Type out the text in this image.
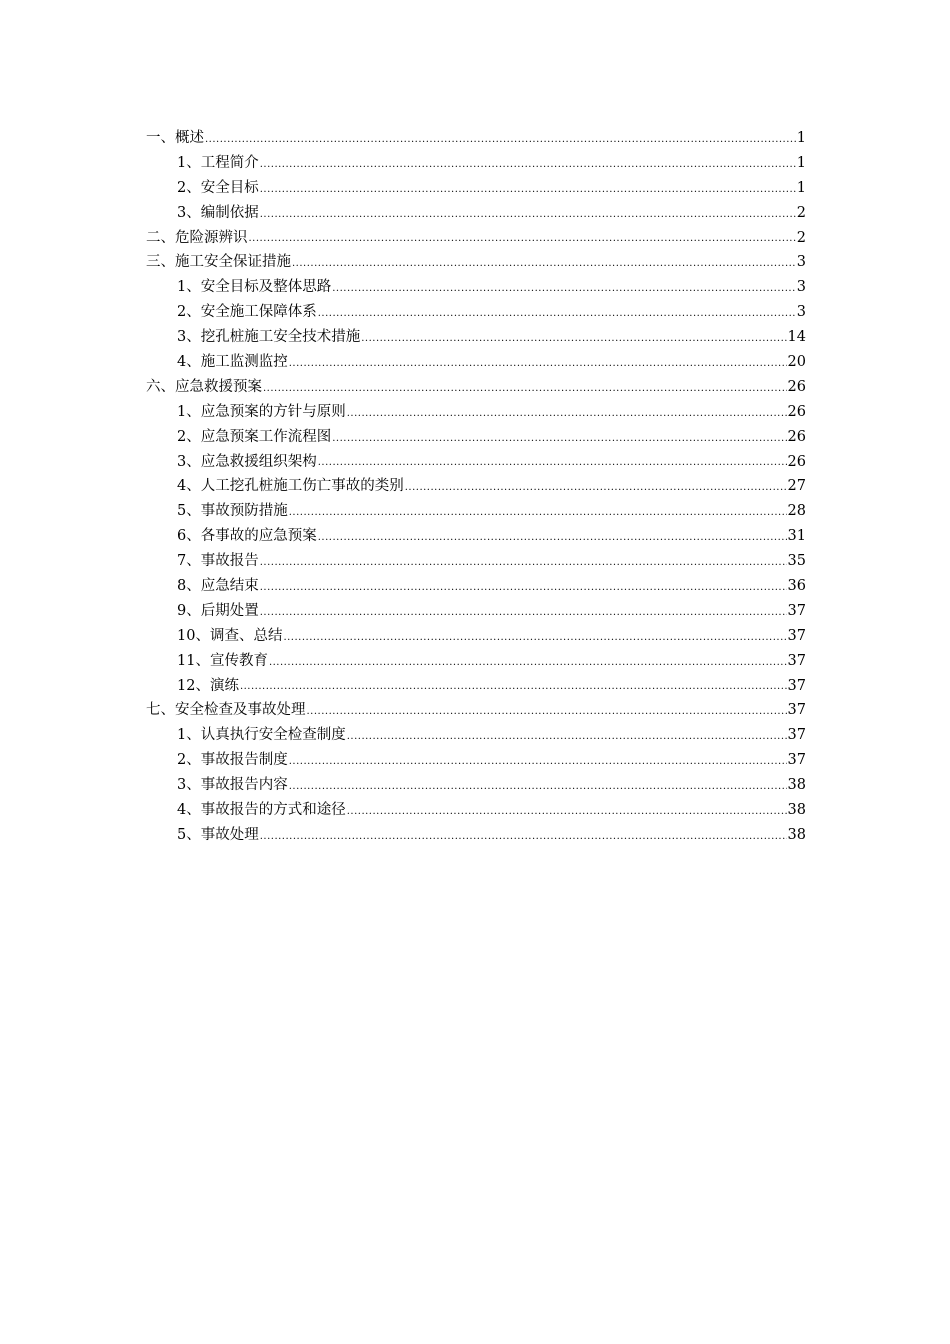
一、概述 .....	1
1、工程简介 .....	1
2、安全目标 .....	1
3、编制依据 .....	2
二、危险源辨识 .....	2
三、施工安全保证措施 .....	3
1、安全目标及整体思路 .....	3
2、安全施工保障体系 .....	3
3、挖孔桩施工安全技术措施 .....	14
4、施工监测监控 .....	20
六、应急救援预案 .....	26
1、应急预案的方针与原则 .....	26
2、应急预案工作流程图 .....	26
3、应急救援组织架构 .....	26
4、人工挖孔桩施工伤亡事故的类别 .....	27
5、事故预防措施 .....	28
6、各事故的应急预案 .....	31
7、事故报告 .....	35
8、应急结束 .....	36
9、后期处置 .....	37
10、调查、总结 .....	37
11、宣传教育 .....	37
12、演练 .....	37
七、安全检查及事故处理 .....	37
1、认真执行安全检查制度 .....	37
2、事故报告制度 .....	37
3、事故报告内容 .....	38
4、事故报告的方式和途径 .....	38
5、事故处理 .....	38
